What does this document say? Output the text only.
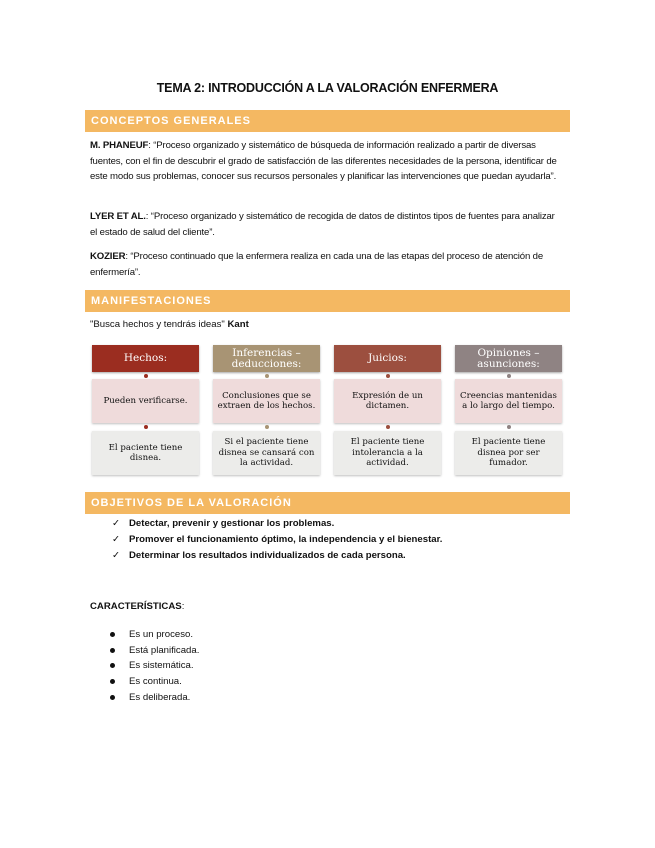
TEMA 2: INTRODUCCIÓN A LA VALORACIÓN ENFERMERA
CONCEPTOS GENERALES
M. PHANEUF: “Proceso organizado y sistemático de búsqueda de información realizado a partir de diversas fuentes, con el fin de descubrir el grado de satisfacción de las diferentes necesidades de la persona, identificar de este modo sus problemas, conocer sus recursos personales y planificar las intervenciones que puedan ayudarla”.
LYER ET AL.: “Proceso organizado y sistemático de recogida de datos de distintos tipos de fuentes para analizar el estado de salud del cliente”.
KOZIER: “Proceso continuado que la enfermera realiza en cada una de las etapas del proceso de atención de enfermería”.
MANIFESTACIONES
"Busca hechos y tendrás ideas" Kant
Hechos:
Pueden verificarse.
El paciente tiene disnea.
Inferencias – deducciones:
Conclusiones que se extraen de los hechos.
Si el paciente tiene disnea se cansará con la actividad.
Juicios:
Expresión de un dictamen.
El paciente tiene intolerancia a la actividad.
Opiniones – asunciones:
Creencias mantenidas a lo largo del tiempo.
El paciente tiene disnea por ser fumador.
OBJETIVOS DE LA VALORACIÓN
✓ Detectar, prevenir y gestionar los problemas.
✓ Promover el funcionamiento óptimo, la independencia y el bienestar.
✓ Determinar los resultados individualizados de cada persona.
CARACTERÍSTICAS:
Es un proceso.
Está planificada.
Es sistemática.
Es continua.
Es deliberada.
